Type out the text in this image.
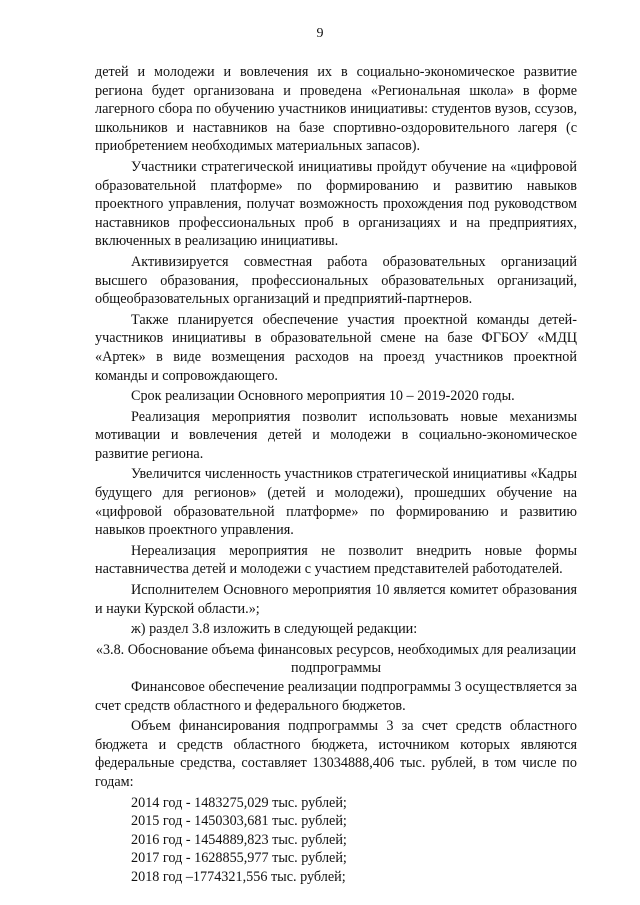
9

детей и молодежи и вовлечения их в социально-экономическое развитие региона будет организована и проведена «Региональная школа» в форме лагерного сбора по обучению участников инициативы: студентов вузов, ссузов, школьников и наставников на базе спортивно-оздоровительного лагеря (с приобретением необходимых материальных запасов).

Участники стратегической инициативы пройдут обучение на «цифровой образовательной платформе» по формированию и развитию навыков проектного управления, получат возможность прохождения под руководством наставников профессиональных проб в организациях и на предприятиях, включенных в реализацию инициативы.

Активизируется совместная работа образовательных организаций высшего образования, профессиональных образовательных организаций, общеобразовательных организаций и предприятий-партнеров.

Также планируется обеспечение участия проектной команды детей-участников инициативы в образовательной смене на базе ФГБОУ «МДЦ «Артек» в виде возмещения расходов на проезд участников проектной команды и сопровождающего.

Срок реализации Основного мероприятия 10 – 2019-2020 годы.

Реализация мероприятия позволит использовать новые механизмы мотивации и вовлечения детей и молодежи в социально-экономическое развитие региона.

Увеличится численность участников стратегической инициативы «Кадры будущего для регионов» (детей и молодежи), прошедших обучение на «цифровой образовательной платформе» по формированию и развитию навыков проектного управления.

Нереализация мероприятия не позволит внедрить новые формы наставничества детей и молодежи с участием представителей работодателей.

Исполнителем Основного мероприятия 10 является комитет образования и науки Курской области.»;

ж) раздел 3.8 изложить в следующей редакции:

«3.8. Обоснование объема финансовых ресурсов, необходимых для реализации подпрограммы

Финансовое обеспечение реализации подпрограммы 3 осуществляется за счет средств областного и федерального бюджетов.

Объем финансирования подпрограммы 3 за счет средств областного бюджета и средств областного бюджета, источником которых являются федеральные средства, составляет 13034888,406 тыс. рублей, в том числе по годам:

2014 год - 1483275,029 тыс. рублей;
2015 год - 1450303,681 тыс. рублей;
2016 год - 1454889,823 тыс. рублей;
2017 год - 1628855,977 тыс. рублей;
2018 год –1774321,556 тыс. рублей;
